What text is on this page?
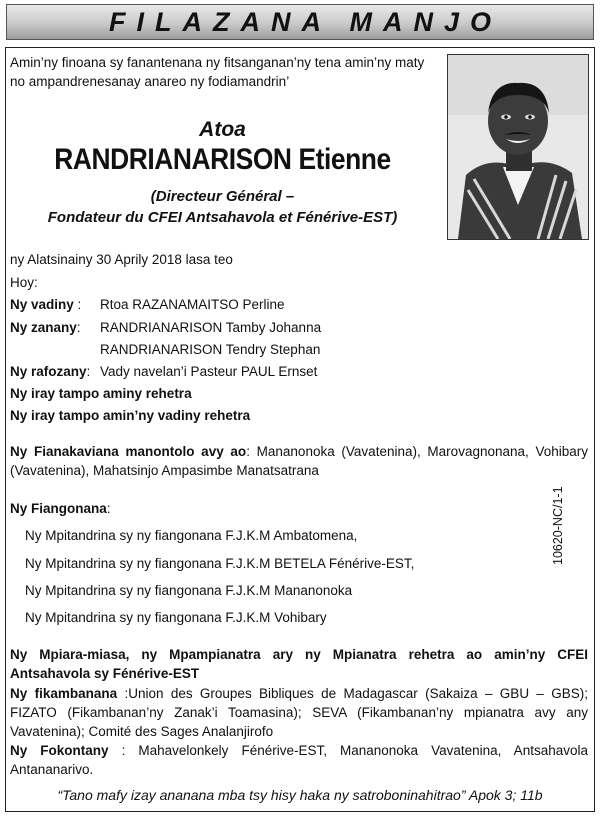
FILAZANA MANJO

Amin’ny finoana sy fanantenana ny fitsanganan’ny tena amin’ny maty no ampandrenesanay anareo ny fodiamandrin’

Atoa
RANDRIANARISON Etienne
(Directeur Général –
Fondateur du CFEI Antsahavola et Fénérive-EST)
ny Alatsinainy 30 Aprily 2018 lasa teo
Hoy:
Ny vadiny : Rtoa RAZANAMAITSO Perline
Ny zanany: RANDRIANARISON Tamby Johanna
RANDRIANARISON Tendry Stephan
Ny rafozany: Vady navelan’i Pasteur PAUL Ernset
Ny iray tampo aminy rehetra
Ny iray tampo amin’ny vadiny rehetra

Ny Fianakaviana manontolo avy ao: Mananonoka (Vavatenina), Marovagnonana, Vohibary (Vavatenina), Mahatsinjo Ampasimbe Manatsatrana

Ny Fiangonana:
Ny Mpitandrina sy ny fiangonana F.J.K.M Ambatomena,
Ny Mpitandrina sy ny fiangonana F.J.K.M BETELA Fénérive-EST,
Ny Mpitandrina sy ny fiangonana F.J.K.M Mananonoka
Ny Mpitandrina sy ny fiangonana F.J.K.M Vohibary
10620-NC/1-1

Ny Mpiara-miasa, ny Mpampianatra ary ny Mpianatra rehetra ao amin’ny CFEI Antsahavola sy Fénérive-EST

Ny fikambanana :Union des Groupes Bibliques de Madagascar (Sakaiza – GBU – GBS); FIZATO (Fikambanan’ny Zanak’i Toamasina); SEVA (Fikambanan’ny mpianatra avy any Vavatenina); Comité des Sages Analanjirofo

Ny Fokontany : Mahavelonkely Fénérive-EST, Mananonoka Vavatenina, Antsahavola Antananarivo.

“Tano mafy izay ananana mba tsy hisy haka ny satroboninahitrao” Apok 3; 11b
